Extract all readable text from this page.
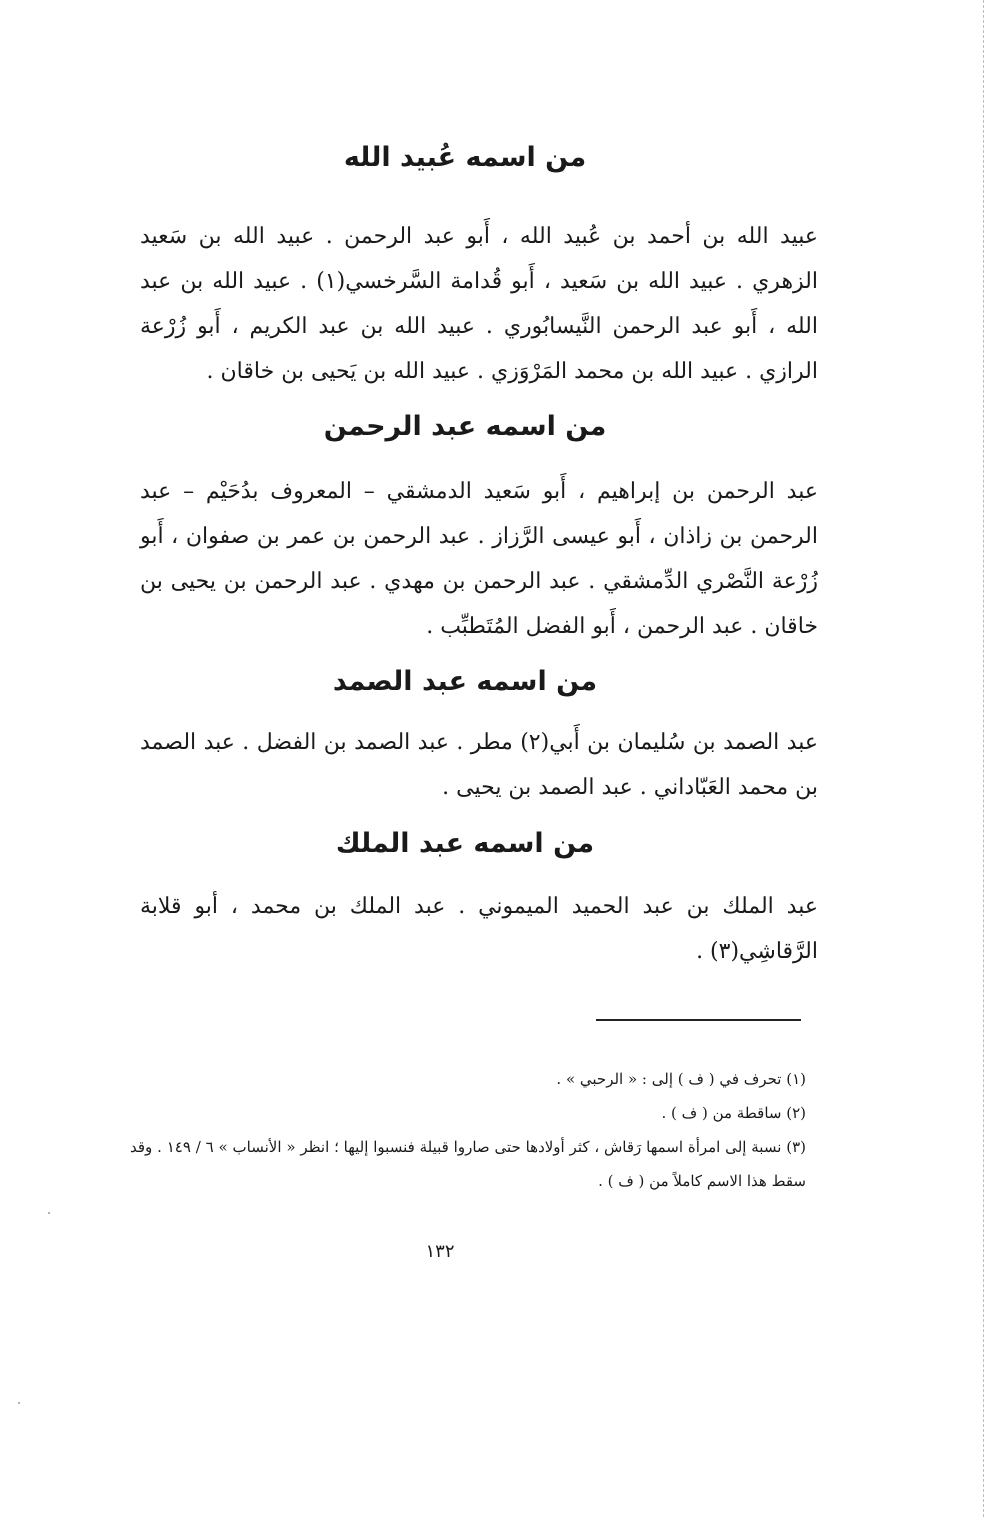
من اسمه عُبيد الله

عبيد الله بن أحمد بن عُبيد الله ، أَبو عبد الرحمن . عبيد الله بن سَعيد الزهري . عبيد الله بن سَعيد ، أَبو قُدامة السَّرخسي(١) . عبيد الله بن عبد الله ، أَبو عبد الرحمن النَّيسابُوري . عبيد الله بن عبد الكريم ، أَبو زُرْعة الرازي . عبيد الله بن محمد المَرْوَزي . عبيد الله بن يَحيى بن خاقان .

من اسمه عبد الرحمن

عبد الرحمن بن إبراهيم ، أَبو سَعيد الدمشقي – المعروف بدُحَيْم – عبد الرحمن بن زاذان ، أَبو عيسى الرَّزاز . عبد الرحمن بن عمر بن صفوان ، أَبو زُرْعة النَّصْري الدِّمشقي . عبد الرحمن بن مهدي . عبد الرحمن بن يحيى بن خاقان . عبد الرحمن ، أَبو الفضل المُتَطبِّب .

من اسمه عبد الصمد

عبد الصمد بن سُليمان بن أَبي(٢) مطر . عبد الصمد بن الفضل . عبد الصمد بن محمد العَبّاداني . عبد الصمد بن يحيى .

من اسمه عبد الملك

عبد الملك بن عبد الحميد الميموني . عبد الملك بن محمد ، أبو قلابة الرَّقاشِي(٣) .

(١) تحرف في ( ف ) إلى : « الرحبي » .

(٢) ساقطة من ( ف ) .

(٣) نسبة إلى امرأة اسمها رَقاش ، كثر أولادها حتى صاروا قبيلة فنسبوا إليها ؛ انظر « الأنساب » ٦ / ١٤٩ . وقد سقط هذا الاسم كاملاً من ( ف ) .

١٣٢
